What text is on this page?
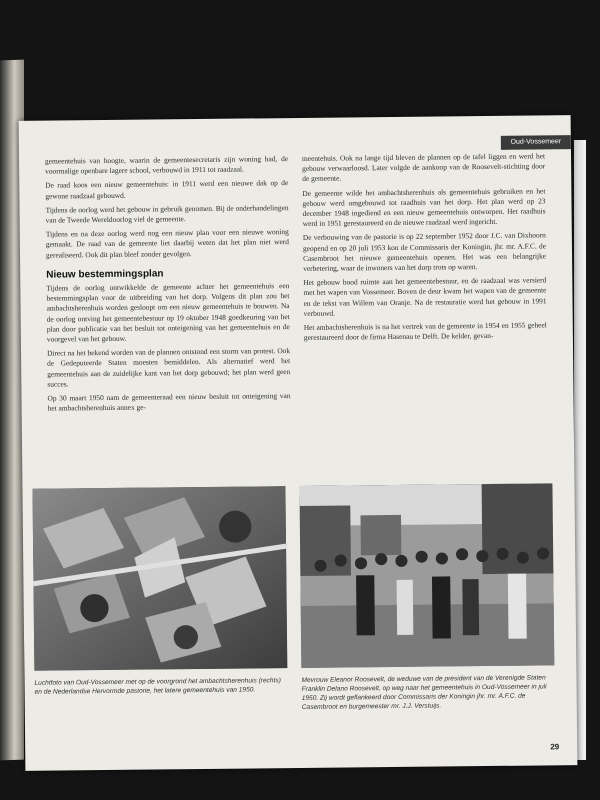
Oud-Vossemeer

gemeentehuis van hoogte, waarin de gemeentesecretaris zijn woning had, de voormalige openbare lagere school, verbouwd in 1911 tot raadzaal.

De raad koos een nieuw gemeentehuis: in 1911 werd een nieuwe dak op de gewone raadzaal gebouwd.

Tijdens de oorlog werd het gebouw in gebruik genomen. Bij de onderhandelingen van de Tweede Wereldoorlog viel de gemeente.

Tijdens en na deze oorlog werd nog een nieuw plan voor een nieuwe woning gemaakt. De raad van de gemeente liet daarbij weten dat het plan niet werd gerealiseerd. Ook dit plan bleef zonder gevolgen.

Nieuw bestemmingsplan

Tijdens de oorlog ontwikkelde de gemeente achter het gemeentehuis een bestemmingsplan voor de uitbreiding van het dorp. Volgens dit plan zou het ambachtsherenhuis worden gesloopt om een nieuw gemeentehuis te bouwen. Na de oorlog ontving het gemeentebestuur op 19 oktober 1948 goedkeuring van het plan door publicatie van het besluit tot onteigening van het gemeentehuis en de voorgevel van het gebouw.

Direct na het bekend worden van de plannen ontstond een storm van protest. Ook de Gedeputeerde Staten moesten bemiddelen. Als alternatief werd het gemeentehuis aan de zuidelijke kant van het dorp gebouwd; het plan werd geen succes.

Op 30 maart 1950 nam de gemeenteraad een nieuw besluit tot onteigening van het ambachtsherenhuis annex ge-

meentehuis. Ook na lange tijd bleven de plannen op de tafel liggen en werd het gebouw verwaarloosd. Later volgde de aankoop van de Roosevelt-stichting door de gemeente.

De gemeente wilde het ambachtsherenhuis als gemeentehuis gebruiken en het gebouw werd omgebouwd tot raadhuis van het dorp. Het plan werd op 23 december 1948 ingediend en een nieuw gemeentehuis ontworpen. Het raadhuis werd in 1951 gerestaureerd en de nieuwe raadzaal werd ingericht.

De verbouwing van de pastorie is op 22 september 1952 door J.C. van Dixhoorn geopend en op 20 juli 1953 kon de Commissaris der Koningin, jhr. mr. A.F.C. de Casembroot het nieuwe gemeentehuis openen. Het was een belangrijke verbetering, waar de inwoners van het dorp trots op waren.

Het gebouw bood ruimte aan het gemeentebestuur, en de raadzaal was versierd met het wapen van Vossemeer. Boven de deur kwam het wapen van de gemeente en de tekst van Willem van Oranje. Na de restauratie werd het gebouw in 1991 verbouwd.

Het ambachtsherenhuis is na het vertrek van de gemeente in 1954 en 1955 geheel gerestaureerd door de firma Hasenau te Delft. De kelder, gevan-

Luchtfoto van Oud-Vossemeer met op de voorgrond het ambachtsherenhuis (rechts) en de Nederlandse Hervormde pastorie, het latere gemeentehuis van 1950.
Mevrouw Eleanor Roosevelt, de weduwe van de president van de Verenigde Staten Franklin Delano Roosevelt, op weg naar het gemeentehuis in Oud-Vossemeer in juli 1950. Zij wordt geflankeerd door Commissaris der Koningin jhr. mr. A.F.C. de Casembroot en burgemeester mr. J.J. Verstuijs.
29
